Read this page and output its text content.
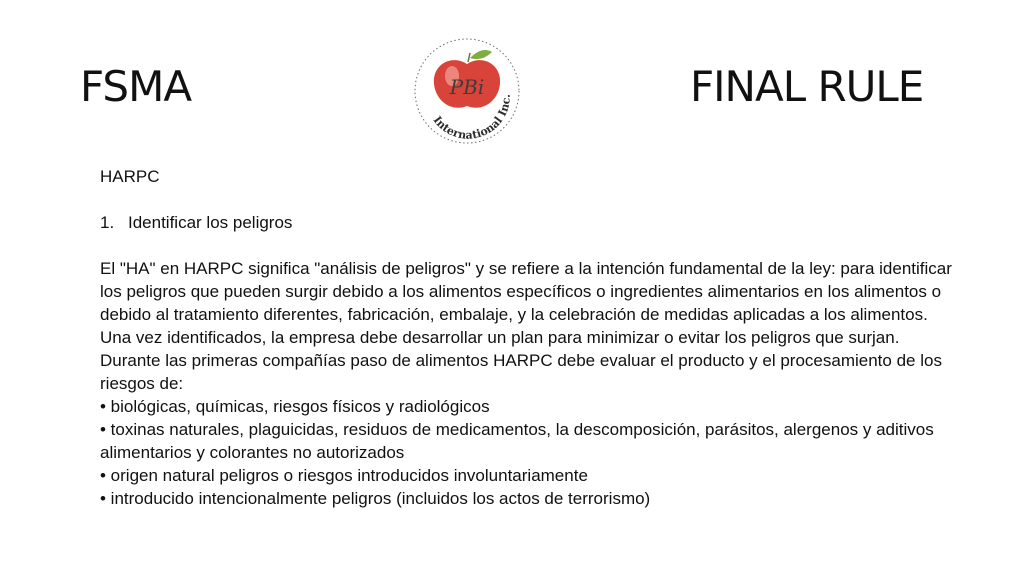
FSMA	PBi
International Inc.	FINAL RULE

HARPC

1. Identificar los peligros

El "HA" en HARPC significa "análisis de peligros" y se refiere a la intención fundamental de la ley: para identificar

los peligros que pueden surgir debido a los alimentos específicos o ingredientes alimentarios en los alimentos o

debido al tratamiento diferentes, fabricación, embalaje, y la celebración de medidas aplicadas a los alimentos.

Una vez identificados, la empresa debe desarrollar un plan para minimizar o evitar los peligros que surjan.

Durante las primeras compañías paso de alimentos HARPC debe evaluar el producto y el procesamiento de los

riesgos de:

• biológicas, químicas, riesgos físicos y radiológicos

• toxinas naturales, plaguicidas, residuos de medicamentos, la descomposición, parásitos, alergenos y aditivos

alimentarios y colorantes no autorizados

• origen natural peligros o riesgos introducidos involuntariamente

• introducido intencionalmente peligros (incluidos los actos de terrorismo)
